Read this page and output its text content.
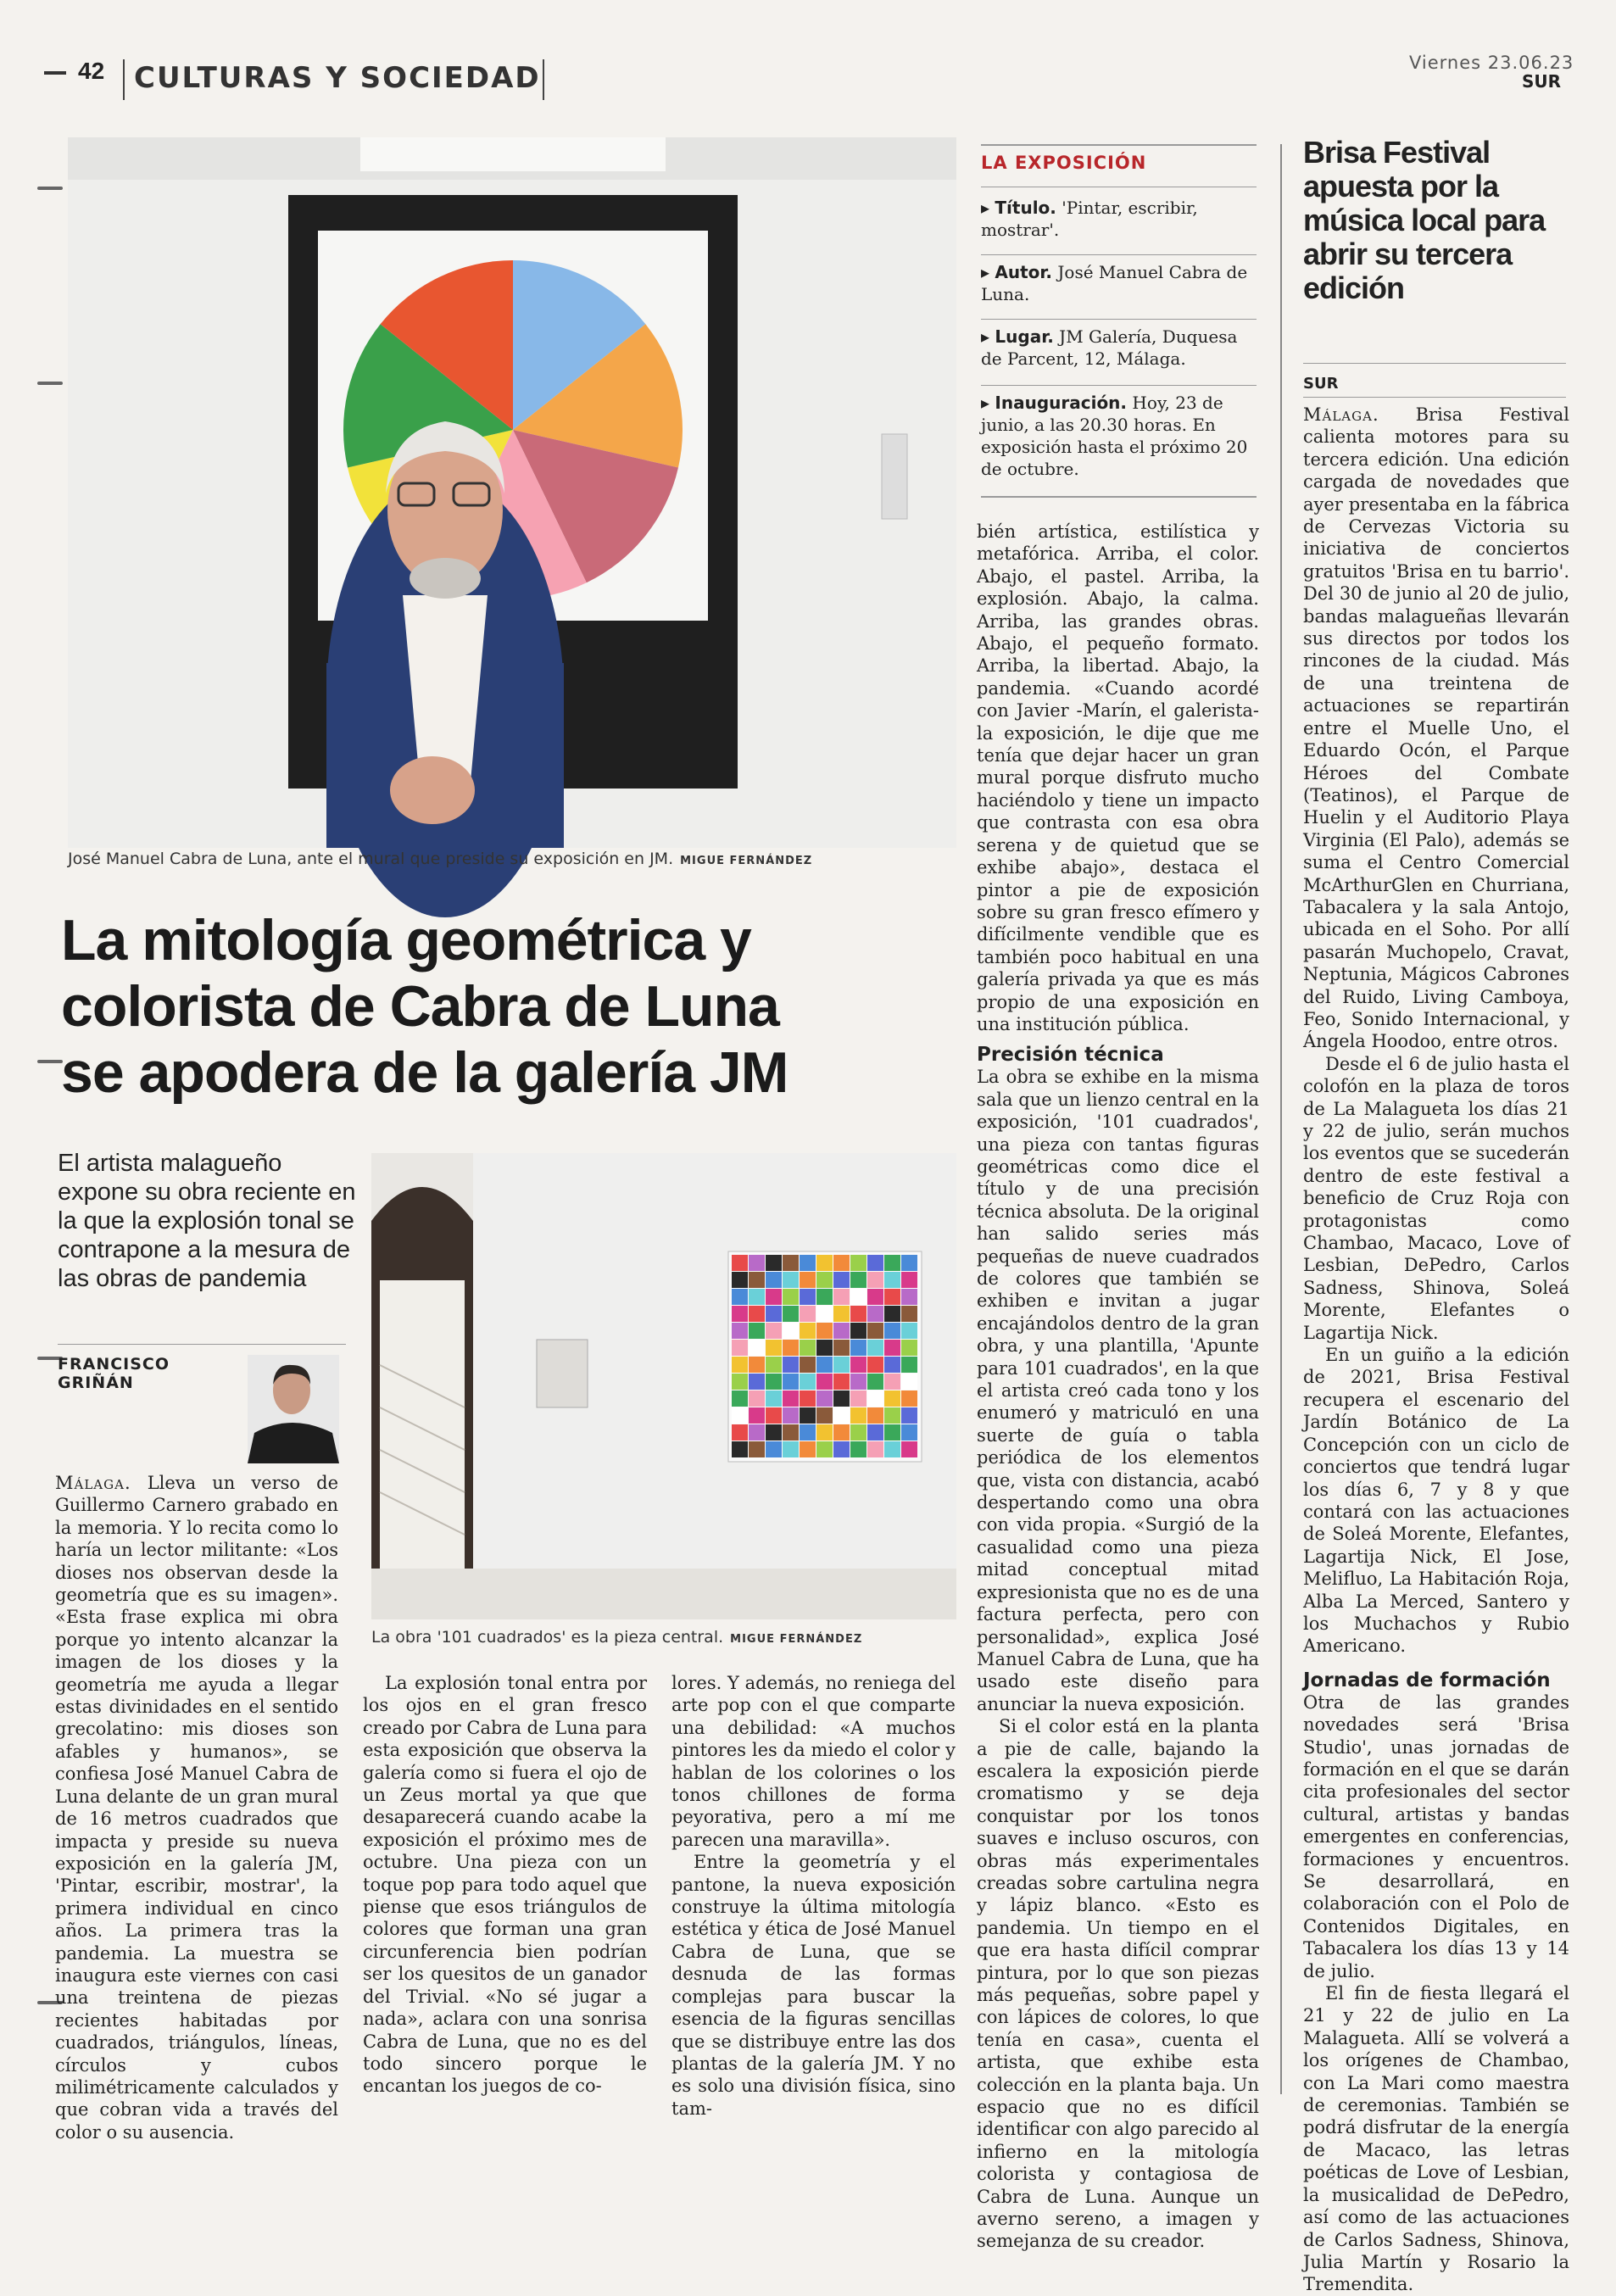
42 CULTURAS Y SOCIEDAD	Viernes 23.06.23
SUR
José Manuel Cabra de Luna, ante el mural que preside su exposición en JM. MIGUE FERNÁNDEZ
La mitología geométrica y
colorista de Cabra de Luna
se apodera de la galería JM
El artista malagueño expone su obra reciente en la que la explosión tonal se contrapone a la mesura de las obras de pandemia
FRANCISCO
GRIÑÁN

Málaga. Lleva un verso de Guillermo Carnero grabado en la memoria. Y lo recita como lo haría un lector militante: «Los dioses nos observan desde la geometría que es su imagen». «Esta frase explica mi obra porque yo intento alcanzar la imagen de los dioses y la geometría me ayuda a llegar estas divinidades en el sentido grecolatino: mis dioses son afables y humanos», se confiesa José Manuel Cabra de Luna delante de un gran mural de 16 metros cuadrados que impacta y preside su nueva exposición en la galería JM, 'Pintar, escribir, mostrar', la primera individual en cinco años. La primera tras la pandemia. La muestra se inaugura este viernes con casi una treintena de piezas recientes habitadas por cuadrados, triángulos, líneas, círculos y cubos milimétricamente calculados y que cobran vida a través del color o su ausencia.

La obra '101 cuadrados' es la pieza central. MIGUE FERNÁNDEZ

La explosión tonal entra por los ojos en el gran fresco creado por Cabra de Luna para esta exposición que observa la galería como si fuera el ojo de un Zeus mortal ya que que desaparecerá cuando acabe la exposición el próximo mes de octubre. Una pieza con un toque pop para todo aquel que piense que esos triángulos de colores que forman una gran circunferencia bien podrían ser los quesitos de un ganador del Trivial. «No sé jugar a nada», aclara con una sonrisa Cabra de Luna, que no es del todo sincero porque le encantan los juegos de co-

lores. Y además, no reniega del arte pop con el que comparte una debilidad: «A muchos pintores les da miedo el color y hablan de los colorines o los tonos chillones de forma peyorativa, pero a mí me parecen una maravilla».

Entre la geometría y el pantone, la nueva exposición construye la última mitología estética y ética de José Manuel Cabra de Luna, que se desnuda de las formas complejas para buscar la esencia de la figuras sencillas que se distribuye entre las dos plantas de la galería JM. Y no es solo una división física, sino tam-

LA EXPOSICIÓN
▸ Título. 'Pintar, escribir, mostrar'.
▸ Autor. José Manuel Cabra de Luna.
▸ Lugar. JM Galería, Duquesa de Parcent, 12, Málaga.
▸ Inauguración. Hoy, 23 de junio, a las 20.30 horas. En exposición hasta el próximo 20 de octubre.

bién artística, estilística y metafórica. Arriba, el color. Abajo, el pastel. Arriba, la explosión. Abajo, la calma. Arriba, las grandes obras. Abajo, el pequeño formato. Arriba, la libertad. Abajo, la pandemia. «Cuando acordé con Javier -Marín, el galerista- la exposición, le dije que me tenía que dejar hacer un gran mural porque disfruto mucho haciéndolo y tiene un impacto que contrasta con esa obra serena y de quietud que se exhibe abajo», destaca el pintor a pie de exposición sobre su gran fresco efímero y difícilmente vendible que es también poco habitual en una galería privada ya que es más propio de una exposición en una institución pública.

Precisión técnica

La obra se exhibe en la misma sala que un lienzo central en la exposición, '101 cuadrados', una pieza con tantas figuras geométricas como dice el título y de una precisión técnica absoluta. De la original han salido series más pequeñas de nueve cuadrados de colores que también se exhiben e invitan a jugar encajándolos dentro de la gran obra, y una plantilla, 'Apunte para 101 cuadrados', en la que el artista creó cada tono y los enumeró y matriculó en una suerte de guía o tabla periódica de los elementos que, vista con distancia, acabó despertando como una obra con vida propia. «Surgió de la casualidad como una pieza mitad conceptual mitad expresionista que no es de una factura perfecta, pero con personalidad», explica José Manuel Cabra de Luna, que ha usado este diseño para anunciar la nueva exposición.

Si el color está en la planta a pie de calle, bajando la escalera la exposición pierde cromatismo y se deja conquistar por los tonos suaves e incluso oscuros, con obras más experimentales creadas sobre cartulina negra y lápiz blanco. «Esto es pandemia. Un tiempo en el que era hasta difícil comprar pintura, por lo que son piezas más pequeñas, sobre papel y con lápices de colores, lo que tenía en casa», cuenta el artista, que exhibe esta colección en la planta baja. Un espacio que no es difícil identificar con algo parecido al infierno en la mitología colorista y contagiosa de Cabra de Luna. Aunque un averno sereno, a imagen y semejanza de su creador.

Brisa Festival apuesta por la música local para abrir su tercera edición
SUR

Málaga. Brisa Festival calienta motores para su tercera edición. Una edición cargada de novedades que ayer presentaba en la fábrica de Cervezas Victoria su iniciativa de conciertos gratuitos 'Brisa en tu barrio'. Del 30 de junio al 20 de julio, bandas malagueñas llevarán sus directos por todos los rincones de la ciudad. Más de una treintena de actuaciones se repartirán entre el Muelle Uno, el Eduardo Ocón, el Parque Héroes del Combate (Teatinos), el Parque de Huelin y el Auditorio Playa Virginia (El Palo), además se suma el Centro Comercial McArthurGlen en Churriana, Tabacalera y la sala Antojo, ubicada en el Soho. Por allí pasarán Muchopelo, Cravat, Neptunia, Mágicos Cabrones del Ruido, Living Camboya, Feo, Sonido Internacional, y Ángela Hoodoo, entre otros.

Desde el 6 de julio hasta el colofón en la plaza de toros de La Malagueta los días 21 y 22 de julio, serán muchos los eventos que se sucederán dentro de este festival a beneficio de Cruz Roja con protagonistas como Chambao, Macaco, Love of Lesbian, DePedro, Carlos Sadness, Shinova, Soleá Morente, Elefantes o Lagartija Nick.

En un guiño a la edición de 2021, Brisa Festival recupera el escenario del Jardín Botánico de La Concepción con un ciclo de conciertos que tendrá lugar los días 6, 7 y 8 y que contará con las actuaciones de Soleá Morente, Elefantes, Lagartija Nick, El Jose, Melifluo, La Habitación Roja, Alba La Merced, Santero y los Muchachos y Rubio Americano.

Jornadas de formación

Otra de las grandes novedades será 'Brisa Studio', unas jornadas de formación en el que se darán cita profesionales del sector cultural, artistas y bandas emergentes en conferencias, formaciones y encuentros. Se desarrollará, en colaboración con el Polo de Contenidos Digitales, en Tabacalera los días 13 y 14 de julio.

El fin de fiesta llegará el 21 y 22 de julio en La Malagueta. Allí se volverá a los orígenes de Chambao, con La Mari como maestra de ceremonias. También se podrá disfrutar de la energía de Macaco, las letras poéticas de Love of Lesbian, la musicalidad de DePedro, así como de las actuaciones de Carlos Sadness, Shinova, Julia Martín y Rosario la Tremendita.
